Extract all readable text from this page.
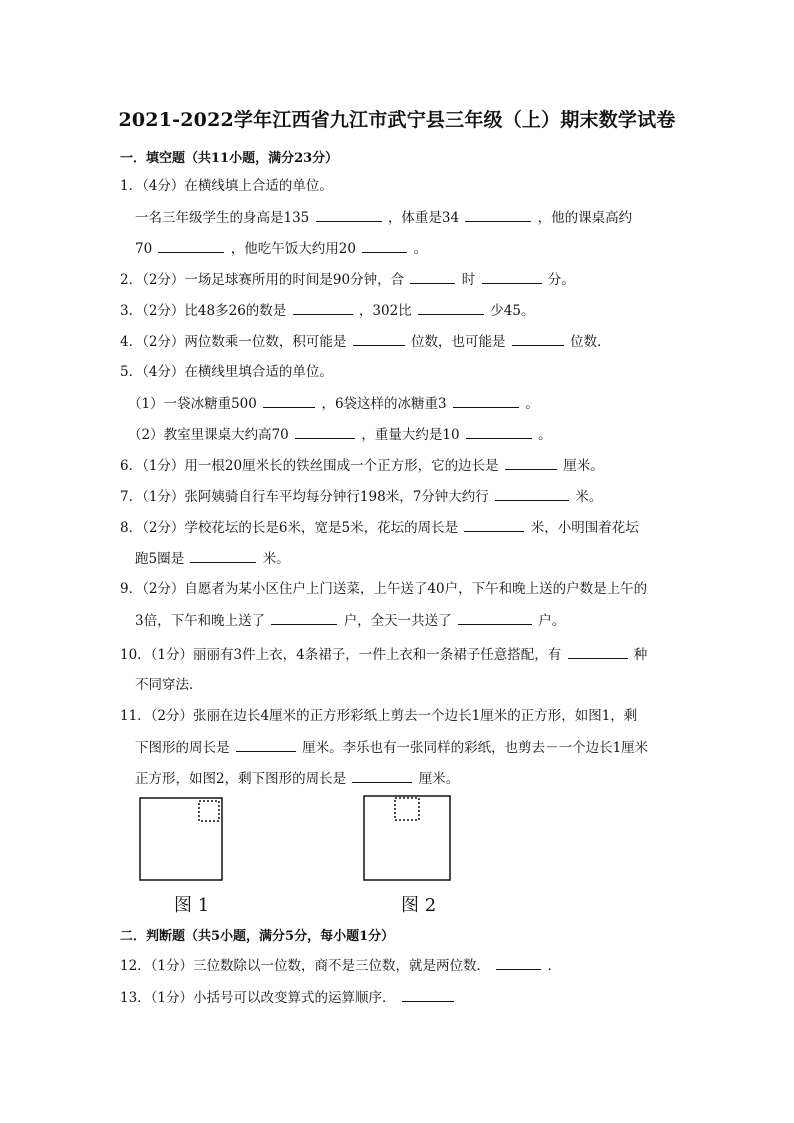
2021-2022学年江西省九江市武宁县三年级（上）期末数学试卷
一．填空题（共11小题，满分23分）
1．（4分）在横线填上合适的单位。
一名三年级学生的身高是135	，体重是34	，他的课桌高约
70	，他吃午饭大约用20	。
2．（2分）一场足球赛所用的时间是90分钟，合	时	分。
3．（2分）比48多26的数是	，302比	少45。
4．（2分）两位数乘一位数，积可能是	位数，也可能是	位数．
5．（4分）在横线里填合适的单位。
（1）一袋冰糖重500	，6袋这样的冰糖重3	。
（2）教室里课桌大约高70	，重量大约是10	。
6．（1分）用一根20厘米长的铁丝围成一个正方形，它的边长是	厘米。
7．（1分）张阿姨骑自行车平均每分钟行198米，7分钟大约行	米。
8．（2分）学校花坛的长是6米，宽是5米，花坛的周长是	米，小明围着花坛
跑5圈是	米。
9．（2分）自愿者为某小区住户上门送菜，上午送了40户，下午和晚上送的户数是上午的
3倍，下午和晚上送了	户，全天一共送了	户。
10．（1分）丽丽有3件上衣，4条裙子，一件上衣和一条裙子任意搭配，有	种
不同穿法．
11．（2分）张丽在边长4厘米的正方形彩纸上剪去一个边长1厘米的正方形，如图1，剩
下图形的周长是	厘米。李乐也有一张同样的彩纸，也剪去－一个边长1厘米
正方形，如图2，剩下图形的周长是	厘米。
图 1	图 2
二．判断题（共5小题，满分5分，每小题1分）
12．（1分）三位数除以一位数，商不是三位数，就是两位数．	．
13．（1分）小括号可以改变算式的运算顺序．
